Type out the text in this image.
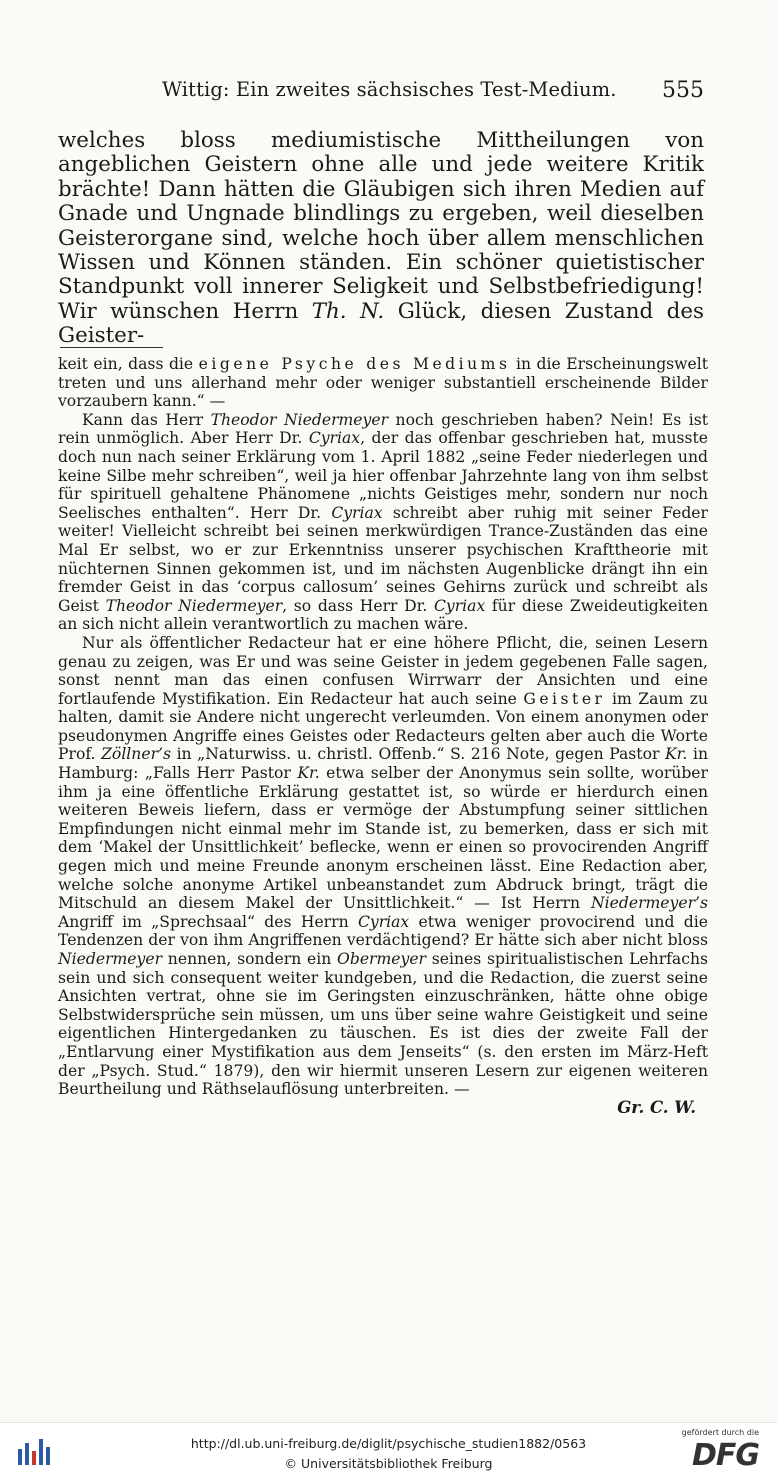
Wittig: Ein zweites sächsisches Test-Medium. 555

welches bloss mediumistische Mittheilungen von angeblichen Geistern ohne alle und jede weitere Kritik brächte! Dann hätten die Gläubigen sich ihren Medien auf Gnade und Ungnade blindlings zu ergeben, weil dieselben Geisterorgane sind, welche hoch über allem menschlichen Wissen und Können ständen. Ein schöner quietistischer Standpunkt voll innerer Seligkeit und Selbstbefriedigung! Wir wünschen Herrn Th. N. Glück, diesen Zustand des Geister-

keit ein, dass die eigene Psyche des Mediums in die Erscheinungswelt treten und uns allerhand mehr oder weniger substantiell erscheinende Bilder vorzaubern kann.“ —

Kann das Herr Theodor Niedermeyer noch geschrieben haben? Nein! Es ist rein unmöglich. Aber Herr Dr. Cyriax, der das offenbar geschrieben hat, musste doch nun nach seiner Erklärung vom 1. April 1882 „seine Feder niederlegen und keine Silbe mehr schreiben“, weil ja hier offenbar Jahrzehnte lang von ihm selbst für spirituell gehaltene Phänomene „nichts Geistiges mehr, sondern nur noch Seelisches enthalten“. Herr Dr. Cyriax schreibt aber ruhig mit seiner Feder weiter! Vielleicht schreibt bei seinen merkwürdigen Trance-Zuständen das eine Mal Er selbst, wo er zur Erkenntniss unserer psychischen Krafttheorie mit nüchternen Sinnen gekommen ist, und im nächsten Augenblicke drängt ihn ein fremder Geist in das ‘corpus callosum’ seines Gehirns zurück und schreibt als Geist Theodor Niedermeyer, so dass Herr Dr. Cyriax für diese Zweideutigkeiten an sich nicht allein verantwortlich zu machen wäre.

Nur als öffentlicher Redacteur hat er eine höhere Pflicht, die, seinen Lesern genau zu zeigen, was Er und was seine Geister in jedem gegebenen Falle sagen, sonst nennt man das einen confusen Wirrwarr der Ansichten und eine fortlaufende Mystifikation. Ein Redacteur hat auch seine Geister im Zaum zu halten, damit sie Andere nicht ungerecht verleumden. Von einem anonymen oder pseudonymen Angriffe eines Geistes oder Redacteurs gelten aber auch die Worte Prof. Zöllner’s in „Naturwiss. u. christl. Offenb.“ S. 216 Note, gegen Pastor Kr. in Hamburg: „Falls Herr Pastor Kr. etwa selber der Anonymus sein sollte, worüber ihm ja eine öffentliche Erklärung gestattet ist, so würde er hierdurch einen weiteren Beweis liefern, dass er vermöge der Abstumpfung seiner sittlichen Empfindungen nicht einmal mehr im Stande ist, zu bemerken, dass er sich mit dem ‘Makel der Unsittlichkeit’ beflecke, wenn er einen so provocirenden Angriff gegen mich und meine Freunde anonym erscheinen lässt. Eine Redaction aber, welche solche anonyme Artikel unbeanstandet zum Abdruck bringt, trägt die Mitschuld an diesem Makel der Unsittlichkeit.“ — Ist Herrn Niedermeyer’s Angriff im „Sprechsaal“ des Herrn Cyriax etwa weniger provocirend und die Tendenzen der von ihm Angriffenen verdächtigend? Er hätte sich aber nicht bloss Niedermeyer nennen, sondern ein Obermeyer seines spiritualistischen Lehrfachs sein und sich consequent weiter kundgeben, und die Redaction, die zuerst seine Ansichten vertrat, ohne sie im Geringsten einzuschränken, hätte ohne obige Selbstwidersprüche sein müssen, um uns über seine wahre Geistigkeit und seine eigentlichen Hintergedanken zu täuschen. Es ist dies der zweite Fall der „Entlarvung einer Mystifikation aus dem Jenseits“ (s. den ersten im März-Heft der „Psych. Stud.“ 1879), den wir hiermit unseren Lesern zur eigenen weiteren Beurtheilung und Räthselauflösung unterbreiten. —

Gr. C. W.

http://dl.ub.uni-freiburg.de/diglit/psychische_studien1882/0563
© Universitätsbibliothek Freiburg
gefördert durch die
DFG
